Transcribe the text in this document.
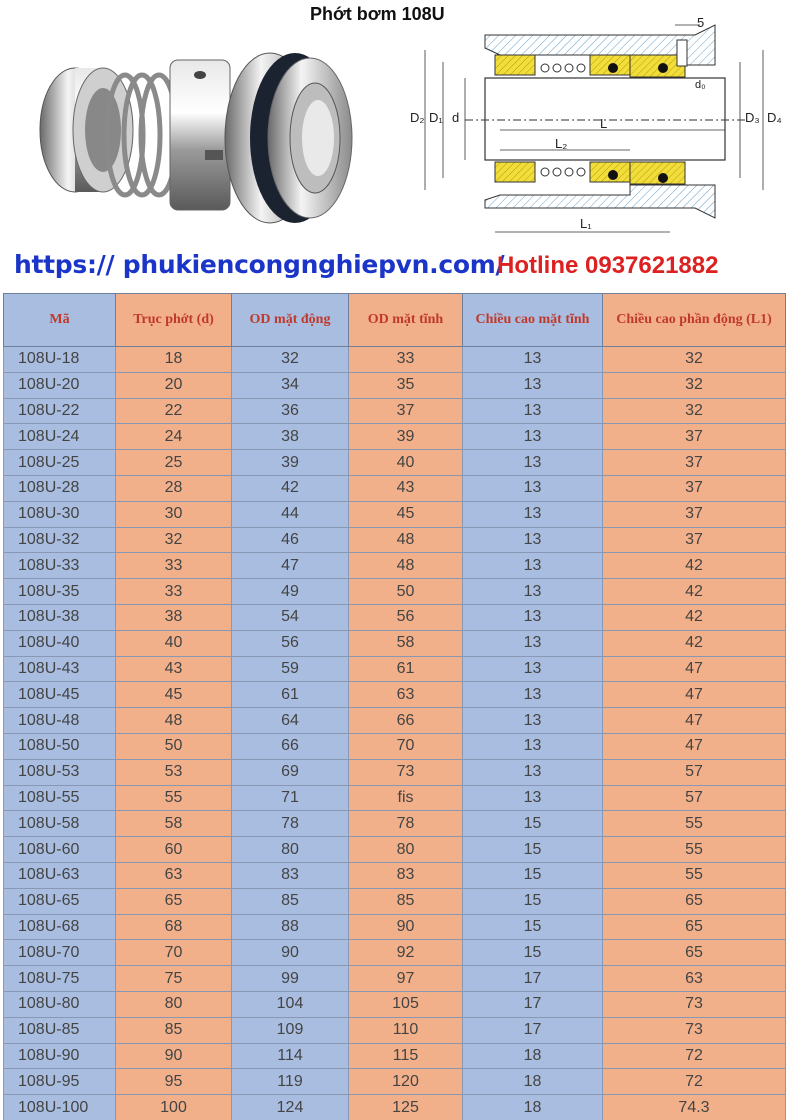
Phớt bơm 108U	5
d₀
D₂ D₁ d	D₃ D₄
L
L₂
L₁
https:// phukiencongnghiepvn.com/
Hotline 0937621882
Mã	Trục phớt (d)	OD mặt động	OD mặt tĩnh	Chiều cao mặt tĩnh	Chiều cao phần động (L1)
108U-18	18	32	33	13	32
108U-20	20	34	35	13	32
108U-22	22	36	37	13	32
108U-24	24	38	39	13	37
108U-25	25	39	40	13	37
108U-28	28	42	43	13	37
108U-30	30	44	45	13	37
108U-32	32	46	48	13	37
108U-33	33	47	48	13	42
108U-35	33	49	50	13	42
108U-38	38	54	56	13	42
108U-40	40	56	58	13	42
108U-43	43	59	61	13	47
108U-45	45	61	63	13	47
108U-48	48	64	66	13	47
108U-50	50	66	70	13	47
108U-53	53	69	73	13	57
108U-55	55	71	fis	13	57
108U-58	58	78	78	15	55
108U-60	60	80	80	15	55
108U-63	63	83	83	15	55
108U-65	65	85	85	15	65
108U-68	68	88	90	15	65
108U-70	70	90	92	15	65
108U-75	75	99	97	17	63
108U-80	80	104	105	17	73
108U-85	85	109	110	17	73
108U-90	90	114	115	18	72
108U-95	95	119	120	18	72
108U-100	100	124	125	18	74.3
